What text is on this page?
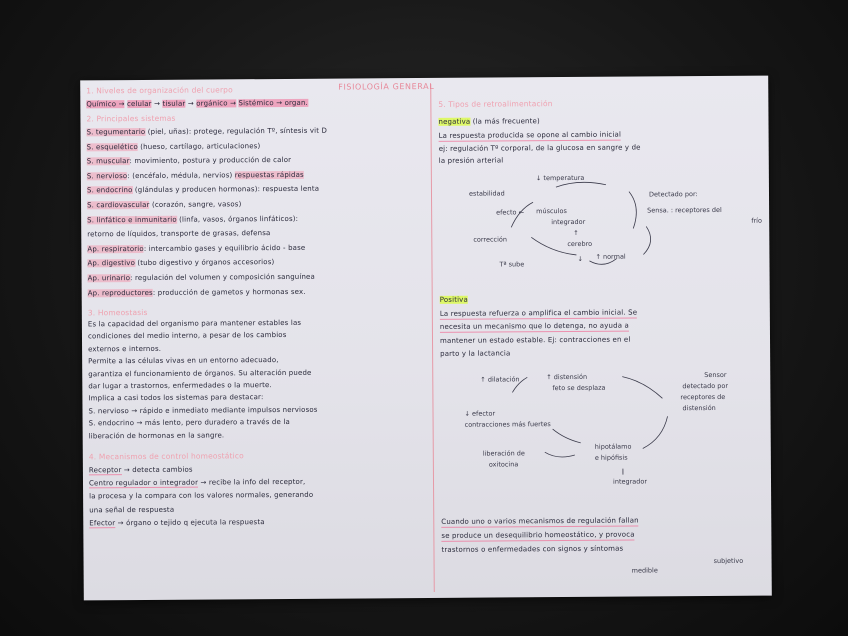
1. Niveles de organización del cuerpo	FISIOLOGÍA GENERAL
Químico → celular → tisular → orgánico → Sistémico → organ.
2. Principales sistemas
S. tegumentario (piel, uñas): protege, regulación Tº, síntesis vit D
S. esquelético (hueso, cartílago, articulaciones)
S. muscular: movimiento, postura y producción de calor
S. nervioso: (encéfalo, médula, nervios) respuestas rápidas
S. endocrino (glándulas y producen hormonas): respuesta lenta
S. cardiovascular (corazón, sangre, vasos)
S. linfático e inmunitario (linfa, vasos, órganos linfáticos):
retorno de líquidos, transporte de grasas, defensa
Ap. respiratorio: intercambio gases y equilibrio ácido - base
Ap. digestivo (tubo digestivo y órganos accesorios)
Ap. urinario: regulación del volumen y composición sanguínea
Ap. reproductores: producción de gametos y hormonas sex.
3. Homeostasis
Es la capacidad del organismo para mantener estables las
condiciones del medio interno, a pesar de los cambios
externos e internos.
Permite a las células vivas en un entorno adecuado,
garantiza el funcionamiento de órganos. Su alteración puede
dar lugar a trastornos, enfermedades o la muerte.
Implica a casi todos los sistemas para destacar:
S. nervioso → rápido e inmediato mediante impulsos nerviosos
S. endocrino → más lento, pero duradero a través de la
liberación de hormonas en la sangre.
4. Mecanismos de control homeostático
Receptor → detecta cambios
Centro regulador o integrador → recibe la info del receptor,
la procesa y la compara con los valores normales, generando
una señal de respuesta
Efector → órgano o tejido q ejecuta la respuesta
5. Tipos de retroalimentación
negativa (la más frecuente)
La respuesta producida se opone al cambio inicial
ej: regulación Tº corporal, de la glucosa en sangre y de
la presión arterial
↓ temperatura
estabilidad
efecto ← músculos
integrador
Detectado por:
Sensa. : receptores del
frío
↑
cerebro
corrección
Tª sube
↓ ↑ normal
Positiva
La respuesta refuerza o amplifica el cambio inicial. Se
necesita un mecanismo que lo detenga, no ayuda a
mantener un estado estable. Ej: contracciones en el
parto y la lactancia
↑ dilatación	↑ distensión
feto se desplaza
Sensor
detectado por
receptores de
distensión
↓ efector
contracciones más fuertes
hipotálamo
e hipófisis
integrador
liberación de
oxitocina
Cuando uno o varios mecanismos de regulación fallan
se produce un desequilibrio homeostático, y provoca
trastornos o enfermedades con signos y síntomas
medible
subjetivo
